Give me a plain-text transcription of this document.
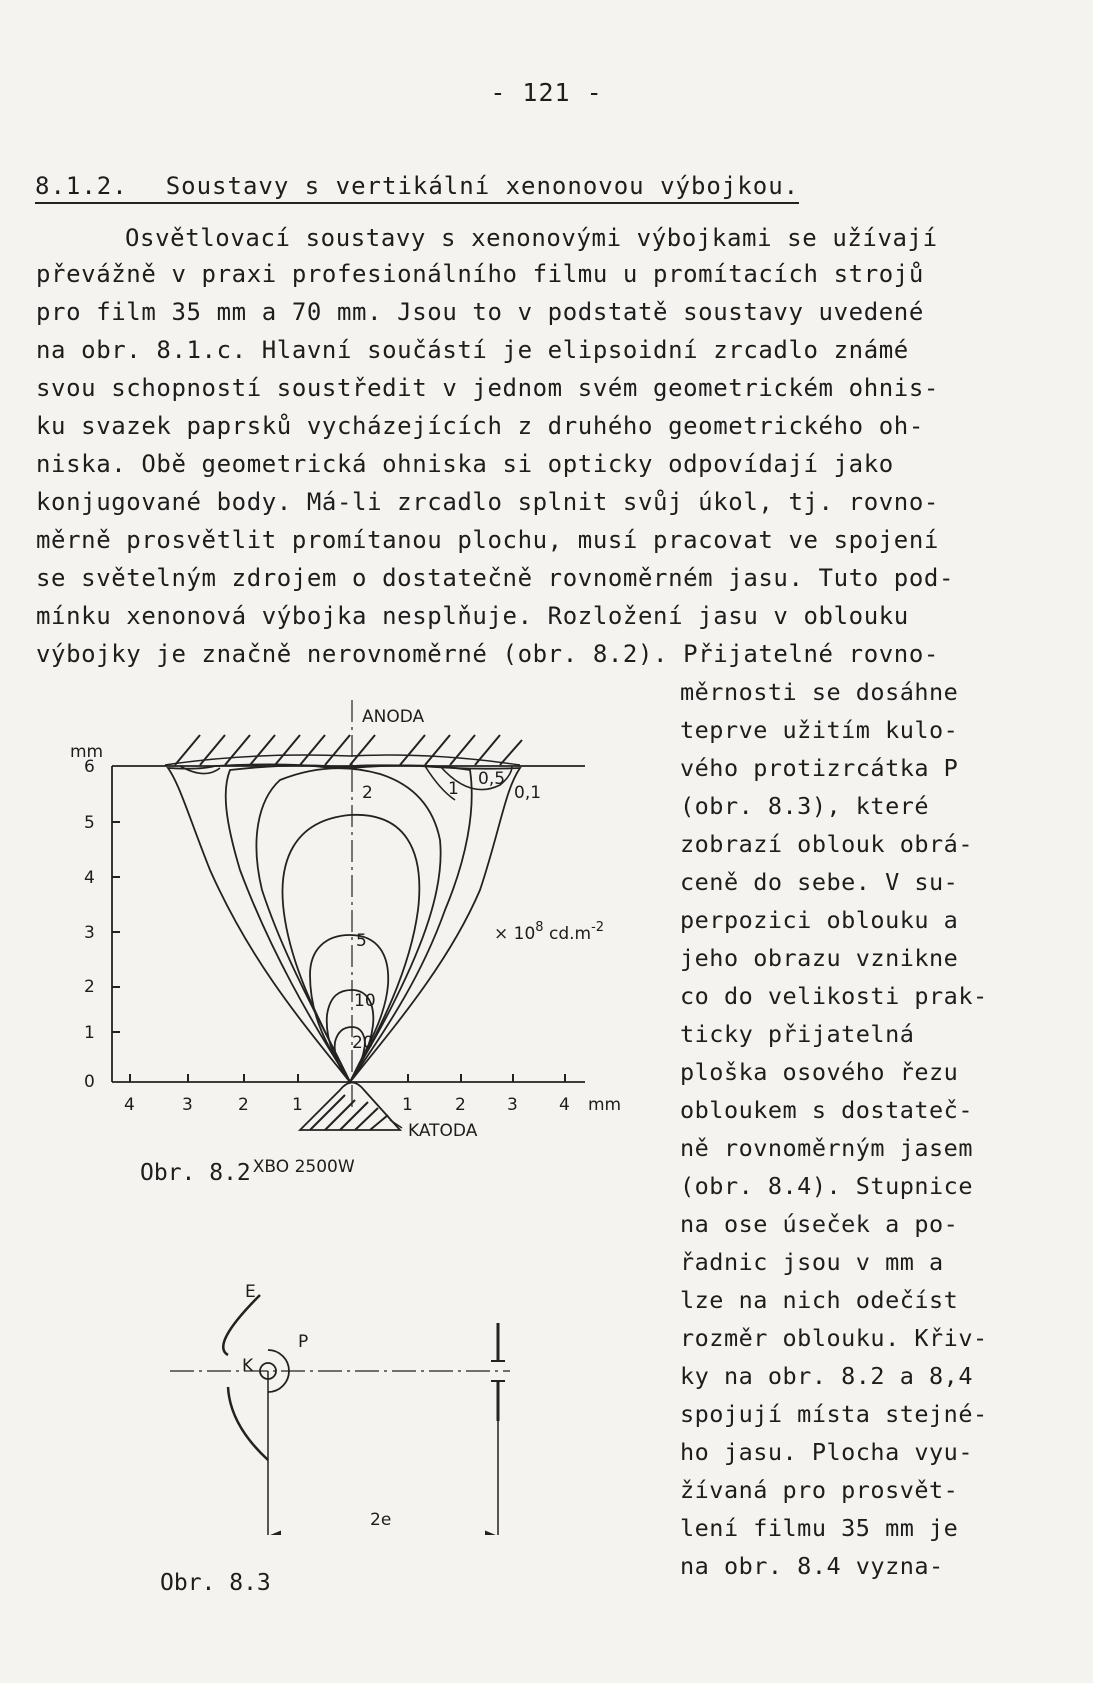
- 121 -
8.1.2. Soustavy s vertikální xenonovou výbojkou.
Osvětlovací soustavy s xenonovými výbojkami se užívají
převážně v praxi profesionálního filmu u promítacích strojů
pro film 35 mm a 70 mm. Jsou to v podstatě soustavy uvedené
na obr. 8.1.c. Hlavní součástí je elipsoidní zrcadlo známé
svou schopností soustředit v jednom svém geometrickém ohnis-
ku svazek paprsků vycházejících z druhého geometrického oh-
niska. Obě geometrická ohniska si opticky odpovídají jako
konjugované body. Má-li zrcadlo splnit svůj úkol, tj. rovno-
měrně prosvětlit promítanou plochu, musí pracovat ve spojení
se světelným zdrojem o dostatečně rovnoměrném jasu. Tuto pod-
mínku xenonová výbojka nesplňuje. Rozložení jasu v oblouku
výbojky je značně nerovnoměrné (obr. 8.2). Přijatelné rovno-
měrnosti se dosáhne
teprve užitím kulo-
vého protizrcátka P
(obr. 8.3), které
zobrazí oblouk obrá-
ceně do sebe. V su-
perpozici oblouku a
jeho obrazu vznikne
co do velikosti prak-
ticky přijatelná
ploška osového řezu
obloukem s dostateč-
ně rovnoměrným jasem
(obr. 8.4). Stupnice
na ose úseček a po-
řadnic jsou v mm a
lze na nich odečíst
rozměr oblouku. Křiv-
ky na obr. 8.2 a 8,4
spojují místa stejné-
ho jasu. Plocha vyu-
žívaná pro prosvět-
lení filmu 35 mm je
na obr. 8.4 vyzna-
ANODA
mm
6
5
4
3
2
1
0
4	3	2	1	1 2 3 4 mm
0,5
0,1
1
2
5
10
20
× $10^8$ $cd.m^{-2}$
KATODA
Obr. 8.2 $^{XBO 2500W}$
E
K
P
2e
Obr. 8.3
